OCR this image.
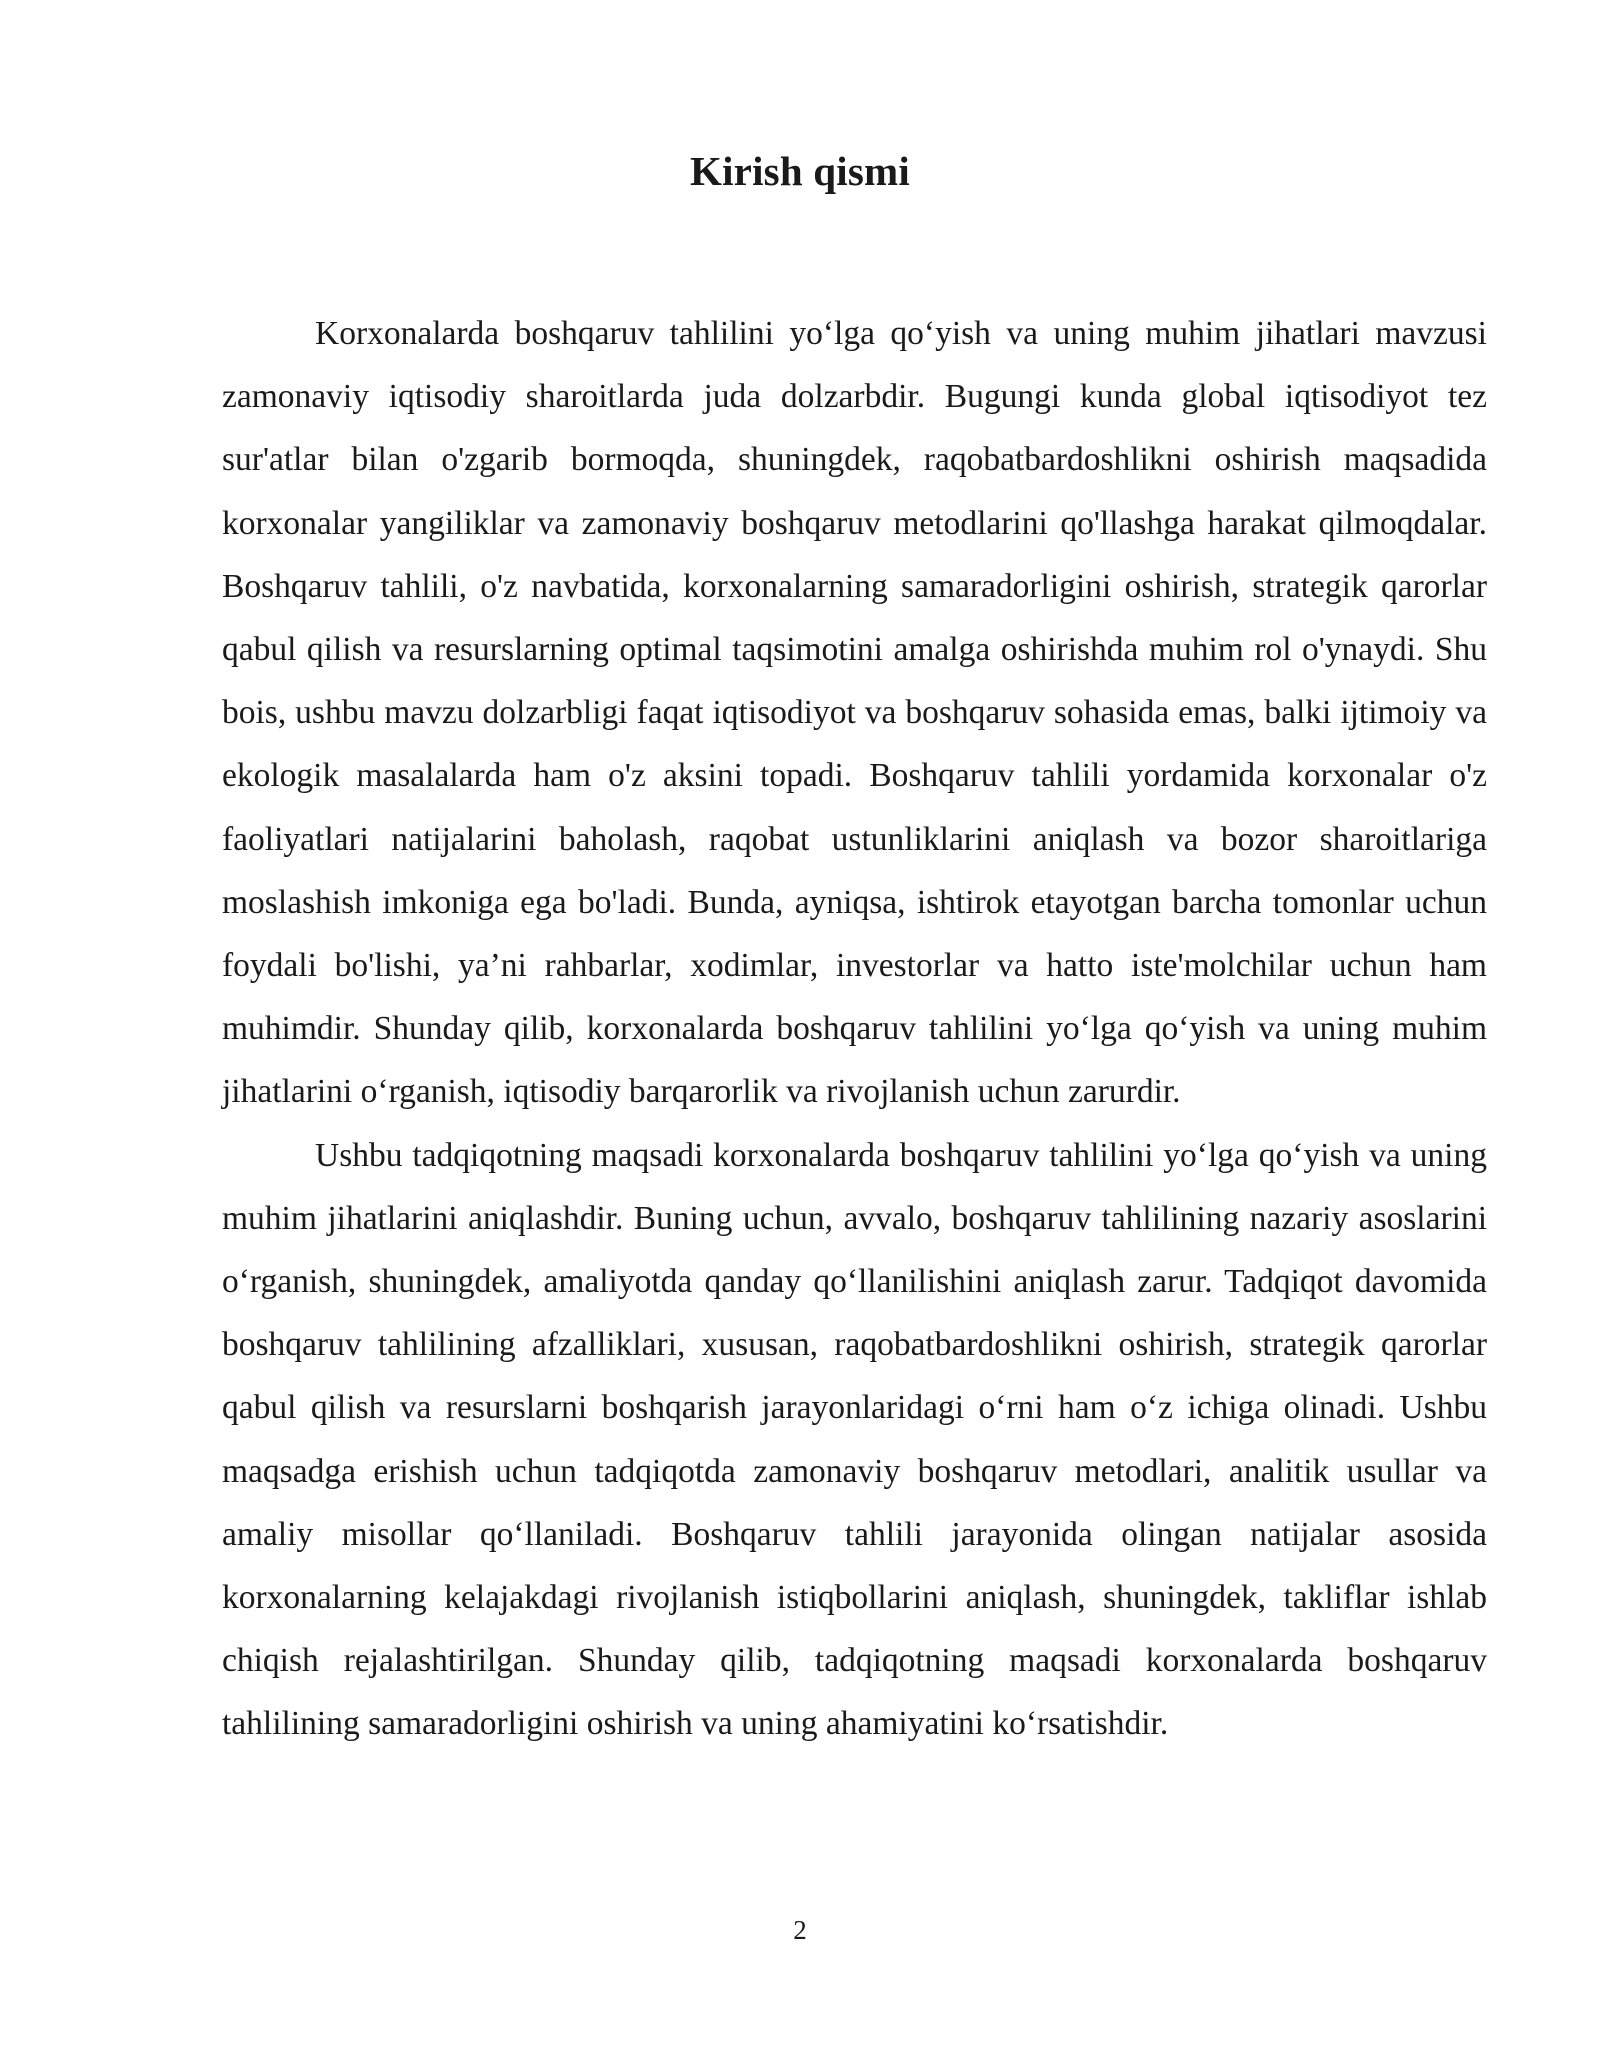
Kirish qismi

Korxonalarda boshqaruv tahlilini yo‘lga qo‘yish va uning muhim jihatlari mavzusi zamonaviy iqtisodiy sharoitlarda juda dolzarbdir. Bugungi kunda global iqtisodiyot tez sur'atlar bilan o'zgarib bormoqda, shuningdek, raqobatbardoshlikni oshirish maqsadida korxonalar yangiliklar va zamonaviy boshqaruv metodlarini qo'llashga harakat qilmoqdalar. Boshqaruv tahlili, o'z navbatida, korxonalarning samaradorligini oshirish, strategik qarorlar qabul qilish va resurslarning optimal taqsimotini amalga oshirishda muhim rol o'ynaydi. Shu bois, ushbu mavzu dolzarbligi faqat iqtisodiyot va boshqaruv sohasida emas, balki ijtimoiy va ekologik masalalarda ham o'z aksini topadi. Boshqaruv tahlili yordamida korxonalar o'z faoliyatlari natijalarini baholash, raqobat ustunliklarini aniqlash va bozor sharoitlariga moslashish imkoniga ega bo'ladi. Bunda, ayniqsa, ishtirok etayotgan barcha tomonlar uchun foydali bo'lishi, ya’ni rahbarlar, xodimlar, investorlar va hatto iste'molchilar uchun ham muhimdir. Shunday qilib, korxonalarda boshqaruv tahlilini yo‘lga qo‘yish va uning muhim jihatlarini o‘rganish, iqtisodiy barqarorlik va rivojlanish uchun zarurdir.

Ushbu tadqiqotning maqsadi korxonalarda boshqaruv tahlilini yo‘lga qo‘yish va uning muhim jihatlarini aniqlashdir. Buning uchun, avvalo, boshqaruv tahlilining nazariy asoslarini o‘rganish, shuningdek, amaliyotda qanday qo‘llanilishini aniqlash zarur. Tadqiqot davomida boshqaruv tahlilining afzalliklari, xususan, raqobatbardoshlikni oshirish, strategik qarorlar qabul qilish va resurslarni boshqarish jarayonlaridagi o‘rni ham o‘z ichiga olinadi. Ushbu maqsadga erishish uchun tadqiqotda zamonaviy boshqaruv metodlari, analitik usullar va amaliy misollar qo‘llaniladi. Boshqaruv tahlili jarayonida olingan natijalar asosida korxonalarning kelajakdagi rivojlanish istiqbollarini aniqlash, shuningdek, takliflar ishlab chiqish rejalashtirilgan. Shunday qilib, tadqiqotning maqsadi korxonalarda boshqaruv tahlilining samaradorligini oshirish va uning ahamiyatini ko‘rsatishdir.

2
